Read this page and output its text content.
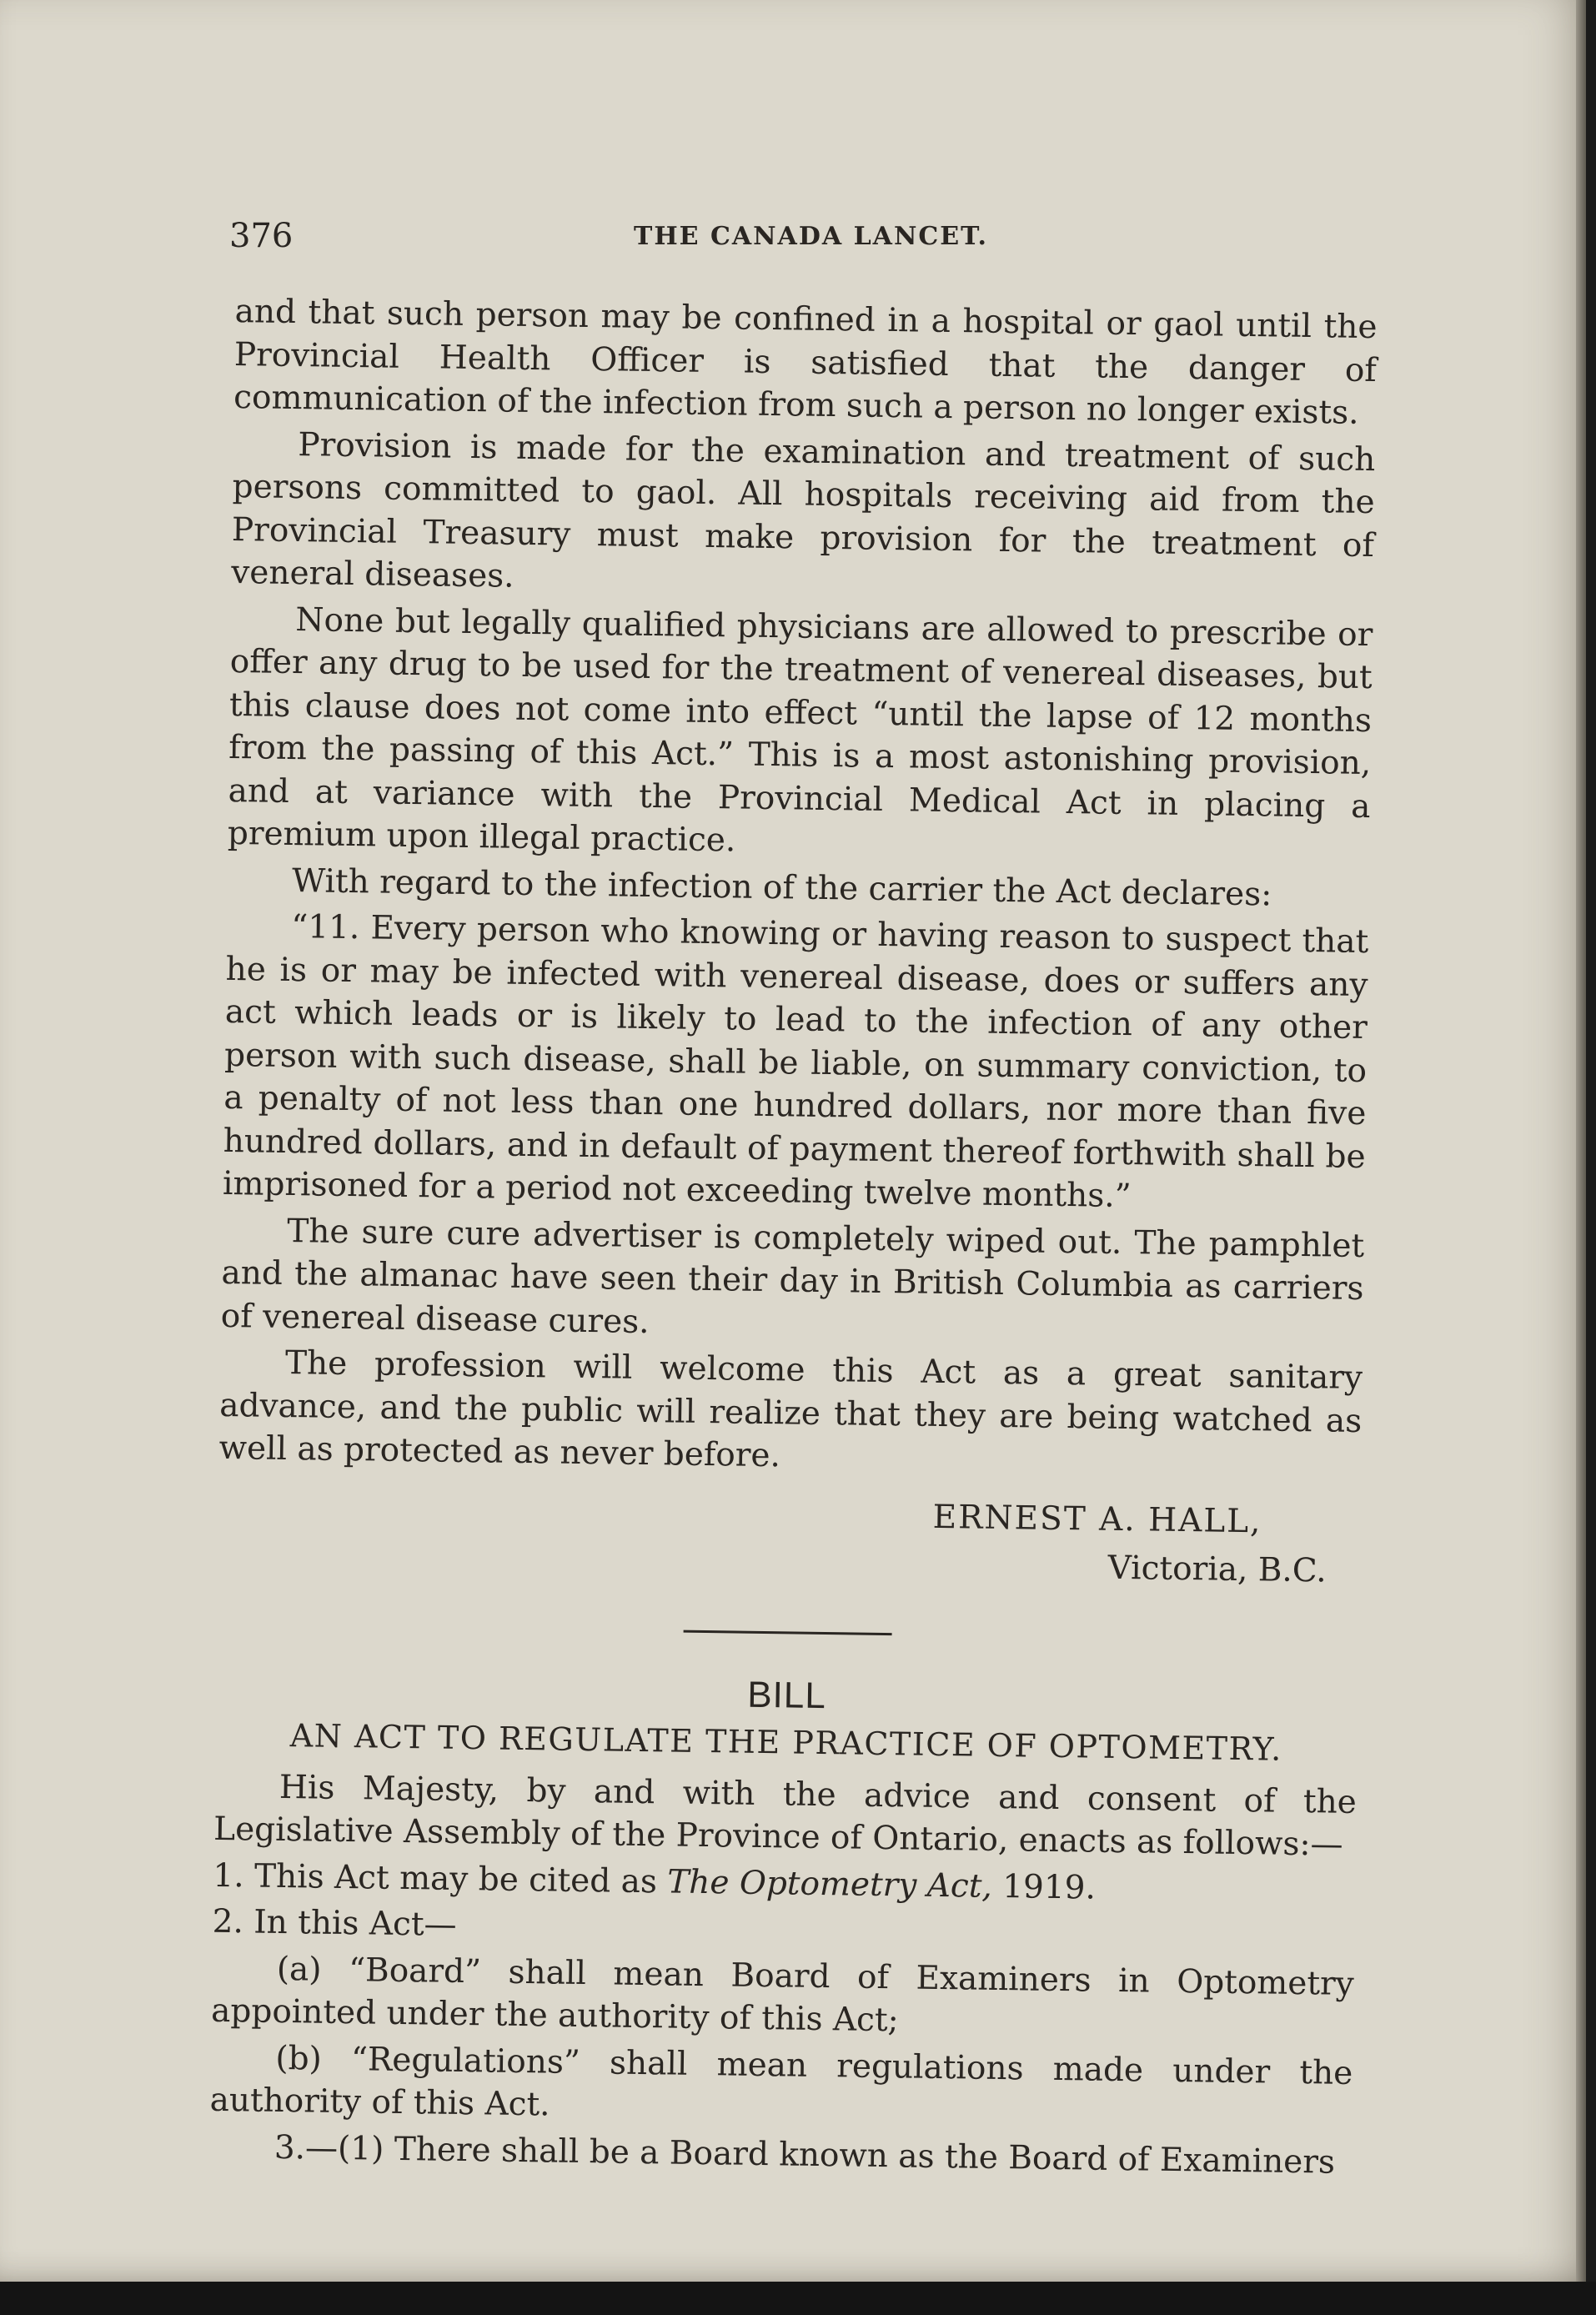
376	THE CANADA LANCET.

and that such person may be confined in a hospital or gaol until the Provincial Health Officer is satisfied that the danger of communication of the infection from such a person no longer exists.

Provision is made for the examination and treatment of such persons committed to gaol. All hospitals receiving aid from the Provincial Treasury must make provision for the treatment of veneral diseases.

None but legally qualified physicians are allowed to prescribe or offer any drug to be used for the treatment of venereal diseases, but this clause does not come into effect “until the lapse of 12 months from the passing of this Act.” This is a most astonishing provision, and at variance with the Provincial Medical Act in placing a premium upon illegal practice.

With regard to the infection of the carrier the Act declares:

“11. Every person who knowing or having reason to suspect that he is or may be infected with venereal disease, does or suffers any act which leads or is likely to lead to the infection of any other person with such disease, shall be liable, on summary conviction, to a penalty of not less than one hundred dollars, nor more than five hundred dollars, and in default of payment thereof forthwith shall be imprisoned for a period not exceeding twelve months.”

The sure cure advertiser is completely wiped out. The pamphlet and the almanac have seen their day in British Columbia as carriers of venereal disease cures.

The profession will welcome this Act as a great sanitary advance, and the public will realize that they are being watched as well as protected as never before.

ERNEST A. HALL,
Victoria, B.C.
BILL
AN ACT TO REGULATE THE PRACTICE OF OPTOMETRY.

His Majesty, by and with the advice and consent of the Legislative Assembly of the Province of Ontario, enacts as follows:—

1. This Act may be cited as The Optometry Act, 1919.

2. In this Act—

(a) “Board” shall mean Board of Examiners in Optometry appointed under the authority of this Act;

(b) “Regulations” shall mean regulations made under the authority of this Act.

3.—(1) There shall be a Board known as the Board of Examiners
